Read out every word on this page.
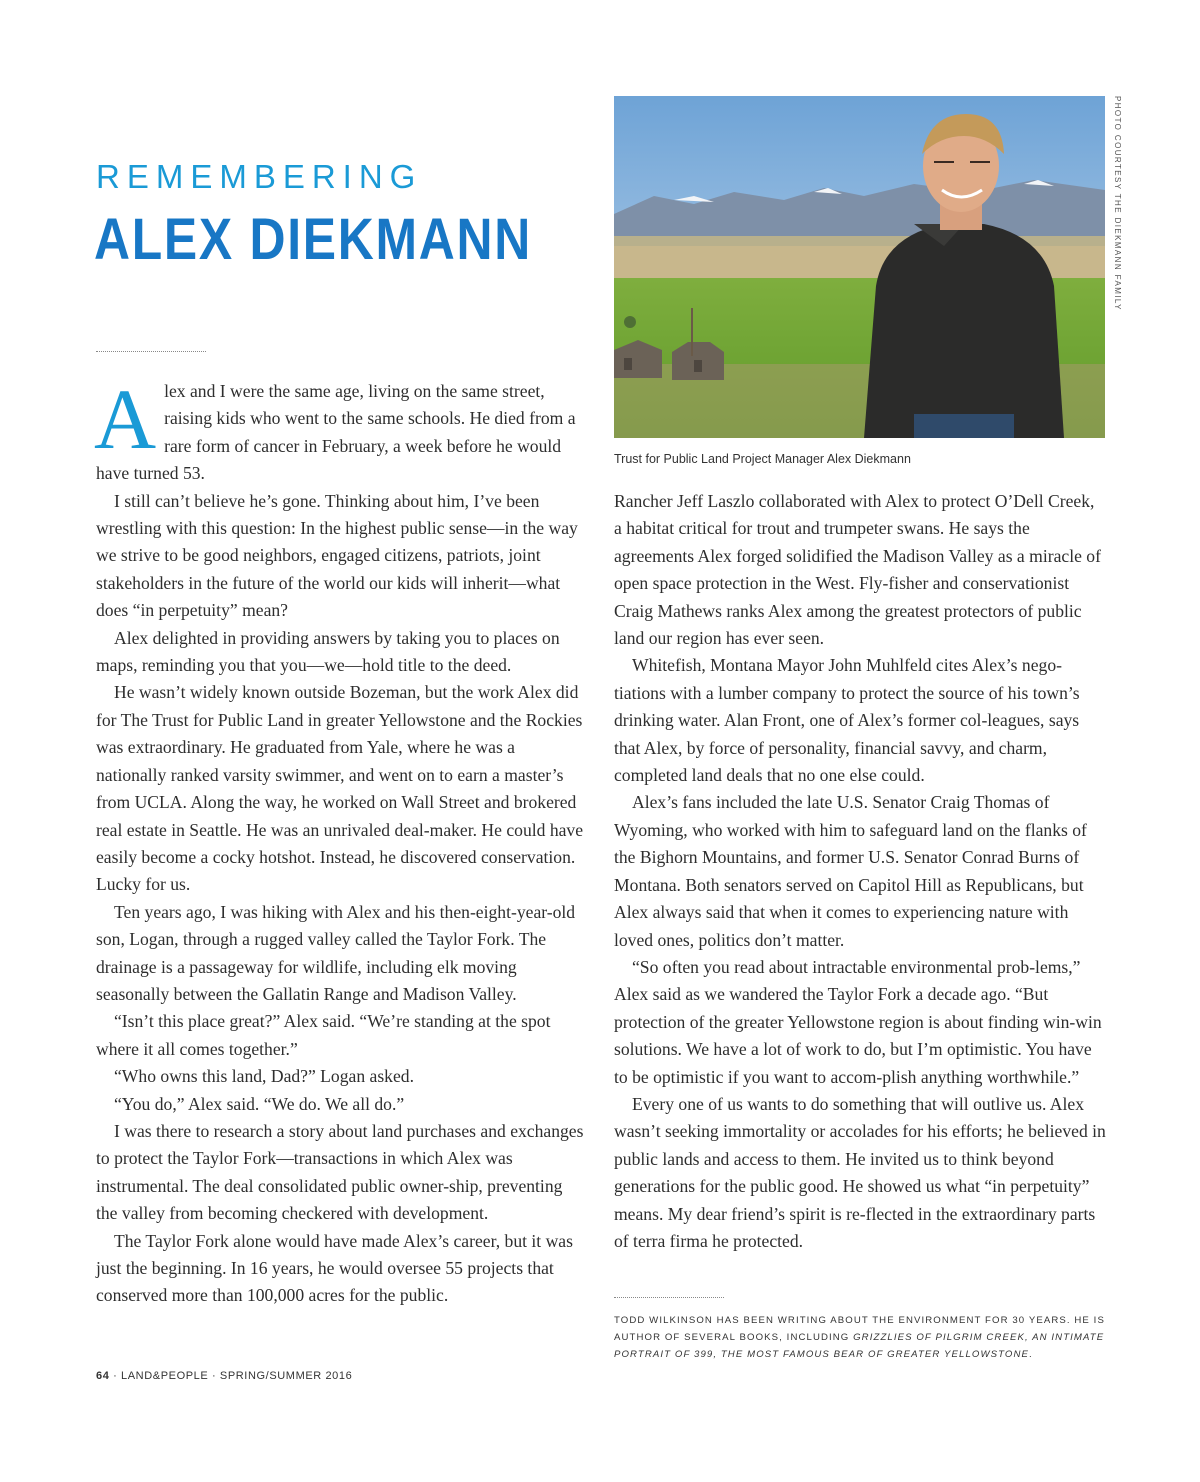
REMEMBERING
ALEX DIEKMANN	PHOTO COURTESY THE DIEKMANN FAMILY
Trust for Public Land Project Manager Alex Diekmann

Alex and I were the same age, living on the same street, raising kids who went to the same schools. He died from a rare form of cancer in February, a week before he would have turned 53.

I still can’t believe he’s gone. Thinking about him, I’ve been wrestling with this question: In the highest public sense—in the way we strive to be good neighbors, engaged citizens, patriots, joint stakeholders in the future of the world our kids will inherit—what does “in perpetuity” mean?

Alex delighted in providing answers by taking you to places on maps, reminding you that you—we—hold title to the deed.

He wasn’t widely known outside Bozeman, but the work Alex did for The Trust for Public Land in greater Yellowstone and the Rockies was extraordinary. He graduated from Yale, where he was a nationally ranked varsity swimmer, and went on to earn a master’s from UCLA. Along the way, he worked on Wall Street and brokered real estate in Seattle. He was an unrivaled deal-maker. He could have easily become a cocky hotshot. Instead, he discovered conservation. Lucky for us.

Ten years ago, I was hiking with Alex and his then-eight-year-old son, Logan, through a rugged valley called the Taylor Fork. The drainage is a passageway for wildlife, including elk moving seasonally between the Gallatin Range and Madison Valley.

“Isn’t this place great?” Alex said. “We’re standing at the spot where it all comes together.”

“Who owns this land, Dad?” Logan asked.

“You do,” Alex said. “We do. We all do.”

I was there to research a story about land purchases and exchanges to protect the Taylor Fork—transactions in which Alex was instrumental. The deal consolidated public owner-ship, preventing the valley from becoming checkered with development.

The Taylor Fork alone would have made Alex’s career, but it was just the beginning. In 16 years, he would oversee 55 projects that conserved more than 100,000 acres for the public.

Rancher Jeff Laszlo collaborated with Alex to protect O’Dell Creek, a habitat critical for trout and trumpeter swans. He says the agreements Alex forged solidified the Madison Valley as a miracle of open space protection in the West. Fly-fisher and conservationist Craig Mathews ranks Alex among the greatest protectors of public land our region has ever seen.

Whitefish, Montana Mayor John Muhlfeld cites Alex’s nego-tiations with a lumber company to protect the source of his town’s drinking water. Alan Front, one of Alex’s former col-leagues, says that Alex, by force of personality, financial savvy, and charm, completed land deals that no one else could.

Alex’s fans included the late U.S. Senator Craig Thomas of Wyoming, who worked with him to safeguard land on the flanks of the Bighorn Mountains, and former U.S. Senator Conrad Burns of Montana. Both senators served on Capitol Hill as Republicans, but Alex always said that when it comes to experiencing nature with loved ones, politics don’t matter.

“So often you read about intractable environmental prob-lems,” Alex said as we wandered the Taylor Fork a decade ago. “But protection of the greater Yellowstone region is about finding win-win solutions. We have a lot of work to do, but I’m optimistic. You have to be optimistic if you want to accom-plish anything worthwhile.”

Every one of us wants to do something that will outlive us. Alex wasn’t seeking immortality or accolades for his efforts; he believed in public lands and access to them. He invited us to think beyond generations for the public good. He showed us what “in perpetuity” means. My dear friend’s spirit is re-flected in the extraordinary parts of terra firma he protected.

TODD WILKINSON HAS BEEN WRITING ABOUT THE ENVIRONMENT FOR 30 YEARS. HE IS AUTHOR OF SEVERAL BOOKS, INCLUDING GRIZZLIES OF PILGRIM CREEK, AN INTIMATE PORTRAIT OF 399, THE MOST FAMOUS BEAR OF GREATER YELLOWSTONE.
64 · LAND&PEOPLE · SPRING/SUMMER 2016
